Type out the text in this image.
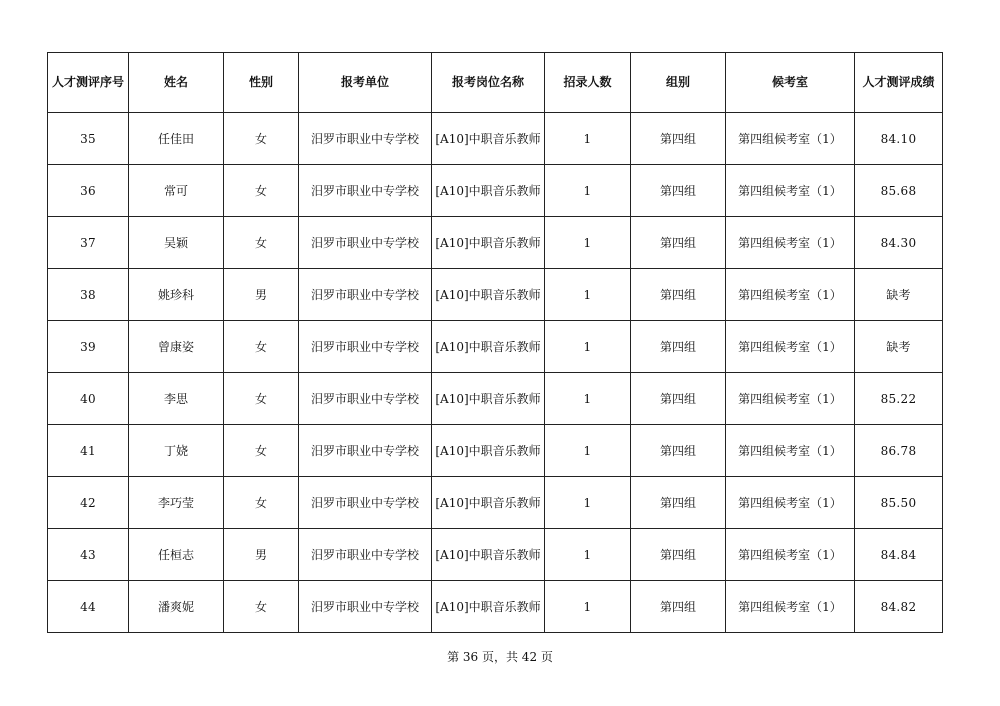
人才测评序号	姓名	性别	报考单位	报考岗位名称	招录人数	组别	候考室	人才测评成绩
35	任佳田	女	汨罗市职业中专学校	[A10]中职音乐教师	1	第四组	第四组候考室（1）	84.10
36	常可	女	汨罗市职业中专学校	[A10]中职音乐教师	1	第四组	第四组候考室（1）	85.68
37	吴颖	女	汨罗市职业中专学校	[A10]中职音乐教师	1	第四组	第四组候考室（1）	84.30
38	姚珍科	男	汨罗市职业中专学校	[A10]中职音乐教师	1	第四组	第四组候考室（1）	缺考
39	曾康姿	女	汨罗市职业中专学校	[A10]中职音乐教师	1	第四组	第四组候考室（1）	缺考
40	李思	女	汨罗市职业中专学校	[A10]中职音乐教师	1	第四组	第四组候考室（1）	85.22
41	丁娆	女	汨罗市职业中专学校	[A10]中职音乐教师	1	第四组	第四组候考室（1）	86.78
42	李巧莹	女	汨罗市职业中专学校	[A10]中职音乐教师	1	第四组	第四组候考室（1）	85.50
43	任桓志	男	汨罗市职业中专学校	[A10]中职音乐教师	1	第四组	第四组候考室（1）	84.84
44	潘爽妮	女	汨罗市职业中专学校	[A10]中职音乐教师	1	第四组	第四组候考室（1）	84.82
第 36 页，共 42 页
